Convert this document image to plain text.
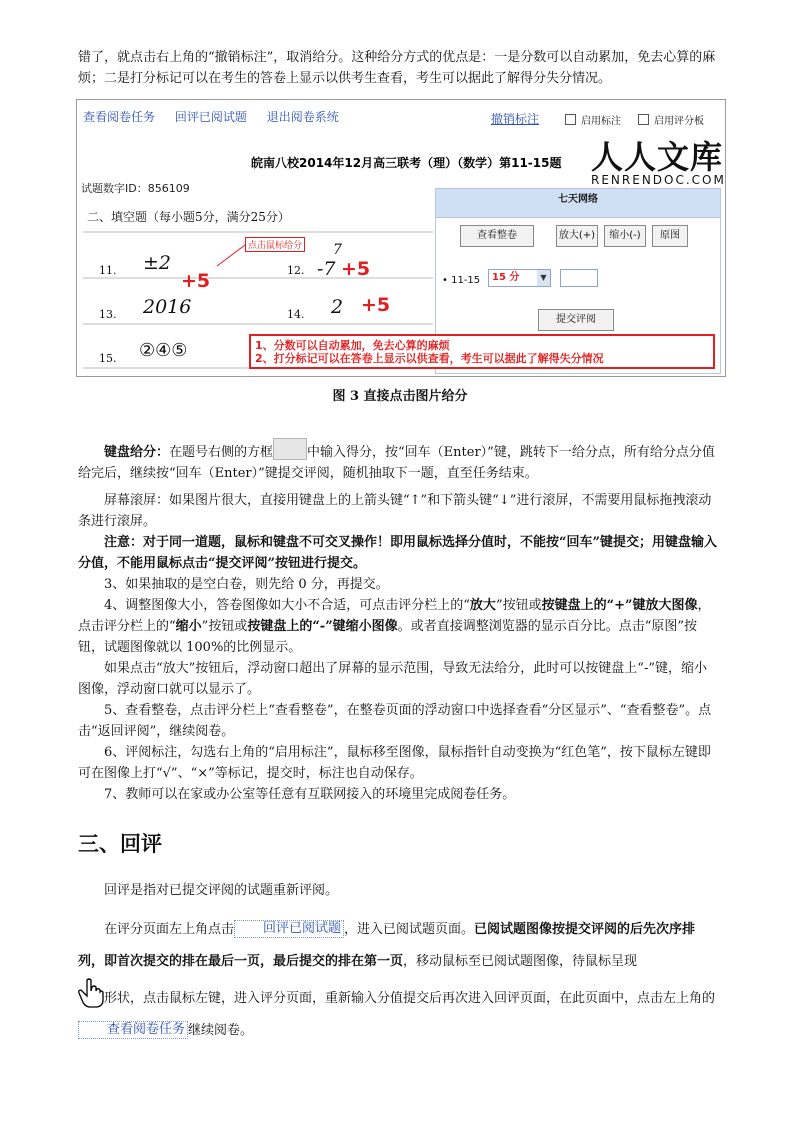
错了，就点击右上角的“撤销标注”，取消给分。这种给分方式的优点是：一是分数可以自动累加，免去心算的麻烦；二是打分标记可以在考生的答卷上显示以供考生查看，考生可以据此了解得分失分情况。

查看阅卷任务 回评已阅试题 退出阅卷系统	撤销标注	启用标注	启用评分板
皖南八校2014年12月高三联考（理）（数学）第11-15题 人人文库
RENRENDOC.COM
试题数字ID：856109
二、填空题（每小题5分，满分25分）
11. ±2	12.
7
-7
13. 2016	14. 2
15. ②④⑤
+5
+5
+5
点击鼠标给分
七天网络
查看整卷	放大(+)	缩小(-)	原图
• 11-15	15 分	▼
提交评阅
1、分数可以自动累加，免去心算的麻烦
2、打分标记可以在答卷上显示以供查看，考生可以据此了解得失分情况
图 3 直接点击图片给分

键盘给分：在题号右侧的方框	中输入得分，按“回车（Enter）”键，跳转下一给分点，所有给分点分值给完后，继续按“回车（Enter）”键提交评阅，随机抽取下一题，直至任务结束。

屏幕滚屏：如果图片很大，直接用键盘上的上箭头键“↑”和下箭头键“↓”进行滚屏，不需要用鼠标拖拽滚动条进行滚屏。

注意：对于同一道题，鼠标和键盘不可交叉操作！即用鼠标选择分值时，不能按“回车”键提交；用键盘输入分值，不能用鼠标点击“提交评阅”按钮进行提交。

3、如果抽取的是空白卷，则先给 0 分，再提交。

4、调整图像大小，答卷图像如大小不合适，可点击评分栏上的“放大”按钮或按键盘上的“+”键放大图像，点击评分栏上的“缩小”按钮或按键盘上的“-”键缩小图像。或者直接调整浏览器的显示百分比。点击“原图”按钮，试题图像就以 100%的比例显示。

如果点击“放大”按钮后，浮动窗口超出了屏幕的显示范围，导致无法给分，此时可以按键盘上“-”键，缩小图像，浮动窗口就可以显示了。

5、查看整卷，点击评分栏上“查看整卷”，在整卷页面的浮动窗口中选择查看“分区显示”、“查看整卷”。点击“返回评阅”，继续阅卷。

6、评阅标注，勾选右上角的“启用标注”，鼠标移至图像，鼠标指针自动变换为“红色笔”，按下鼠标左键即可在图像上打“√”、“×”等标记，提交时，标注也自动保存。

7、教师可以在家或办公室等任意有互联网接入的环境里完成阅卷任务。

三、回评

回评是指对已提交评阅的试题重新评阅。

在评分页面左上角点击 回评已阅试题 ，进入已阅试题页面。已阅试题图像按提交评阅的后先次序排列，即首次提交的排在最后一页，最后提交的排在第一页，移动鼠标至已阅试题图像，待鼠标呈现
形状，点击鼠标左键，进入评分页面，重新输入分值提交后再次进入回评页面，在此页面中，点击左上角的查看阅卷任务 继续阅卷。
